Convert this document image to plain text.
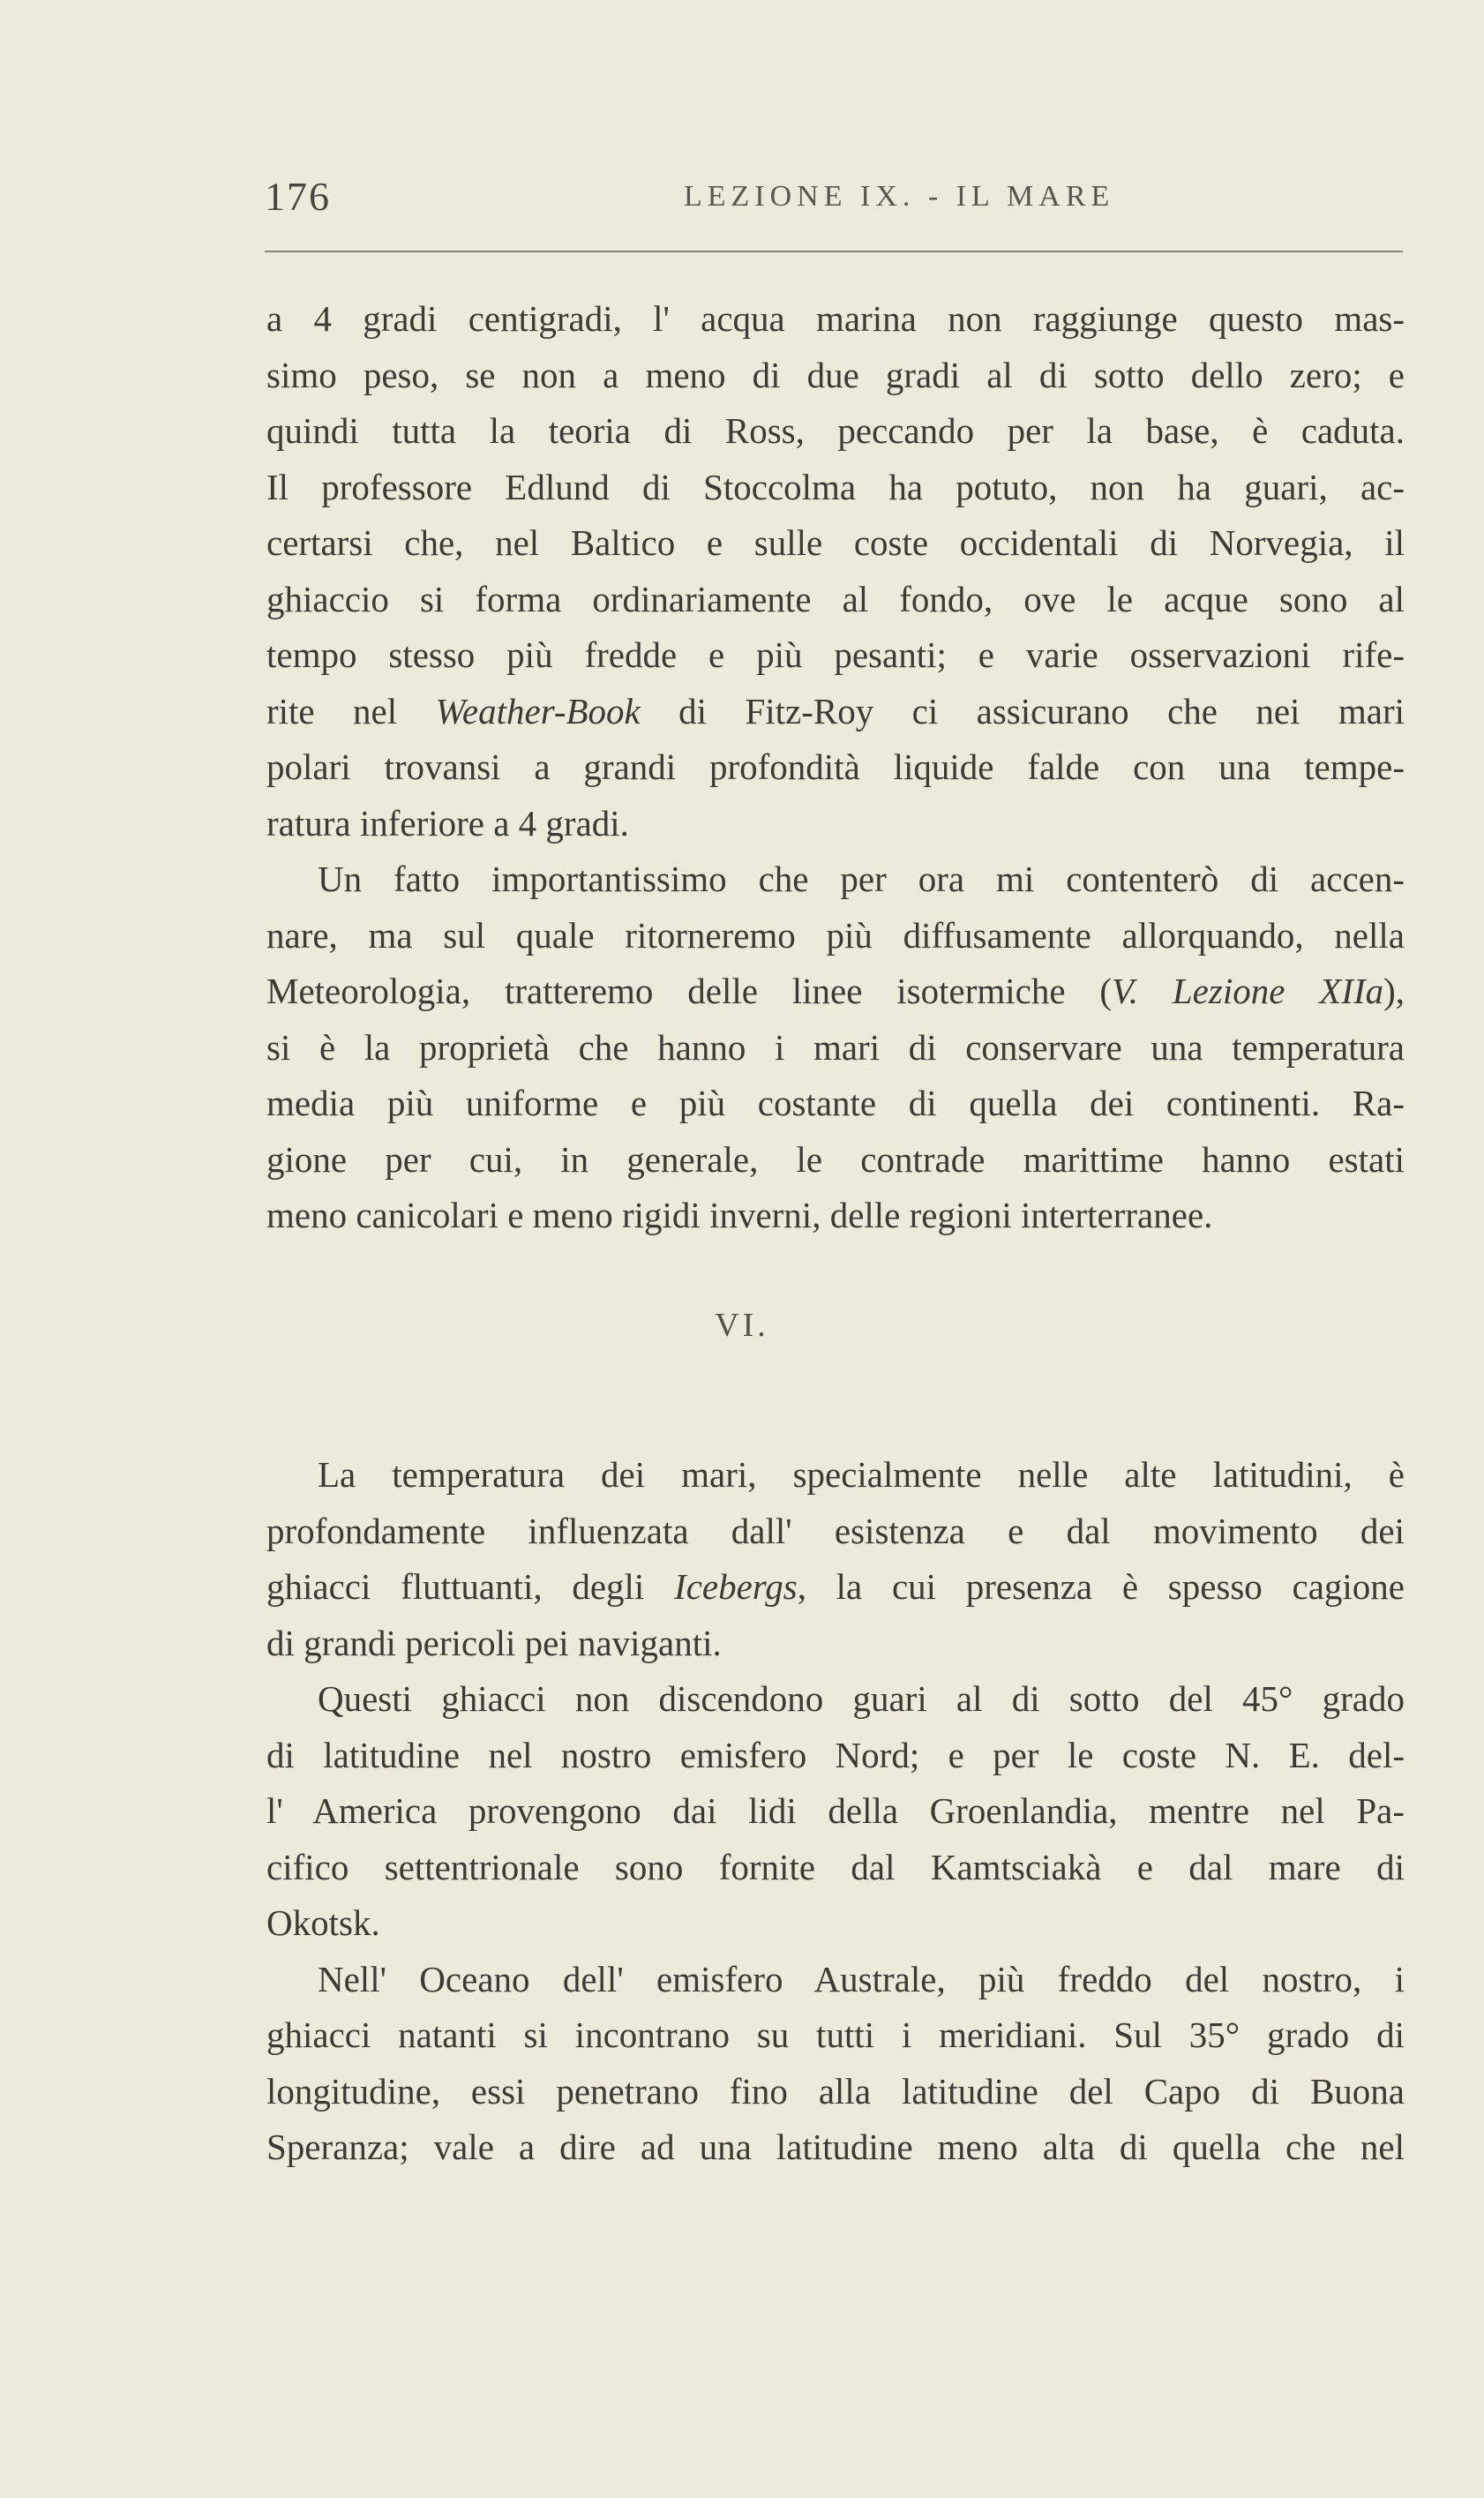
176	LEZIONE IX. - IL MARE
a 4 gradi centigradi, l' acqua marina non raggiunge questo mas-
simo peso, se non a meno di due gradi al di sotto dello zero; e
quindi tutta la teoria di Ross, peccando per la base, è caduta.
Il professore Edlund di Stoccolma ha potuto, non ha guari, ac-
certarsi che, nel Baltico e sulle coste occidentali di Norvegia, il
ghiaccio si forma ordinariamente al fondo, ove le acque sono al
tempo stesso più fredde e più pesanti; e varie osservazioni rife-
rite nel Weather-Book di Fitz-Roy ci assicurano che nei mari
polari trovansi a grandi profondità liquide falde con una tempe-
ratura inferiore a 4 gradi.
Un fatto importantissimo che per ora mi contenterò di accen-
nare, ma sul quale ritorneremo più diffusamente allorquando, nella
Meteorologia, tratteremo delle linee isotermiche (V. Lezione XIIa),
si è la proprietà che hanno i mari di conservare una temperatura
media più uniforme e più costante di quella dei continenti. Ra-
gione per cui, in generale, le contrade marittime hanno estati
meno canicolari e meno rigidi inverni, delle regioni interterranee.
VI.
La temperatura dei mari, specialmente nelle alte latitudini, è
profondamente influenzata dall' esistenza e dal movimento dei
ghiacci fluttuanti, degli Icebergs, la cui presenza è spesso cagione
di grandi pericoli pei naviganti.
Questi ghiacci non discendono guari al di sotto del 45° grado
di latitudine nel nostro emisfero Nord; e per le coste N. E. del-
l' America provengono dai lidi della Groenlandia, mentre nel Pa-
cifico settentrionale sono fornite dal Kamtsciakà e dal mare di
Okotsk.
Nell' Oceano dell' emisfero Australe, più freddo del nostro, i
ghiacci natanti si incontrano su tutti i meridiani. Sul 35° grado di
longitudine, essi penetrano fino alla latitudine del Capo di Buona
Speranza; vale a dire ad una latitudine meno alta di quella che nel
